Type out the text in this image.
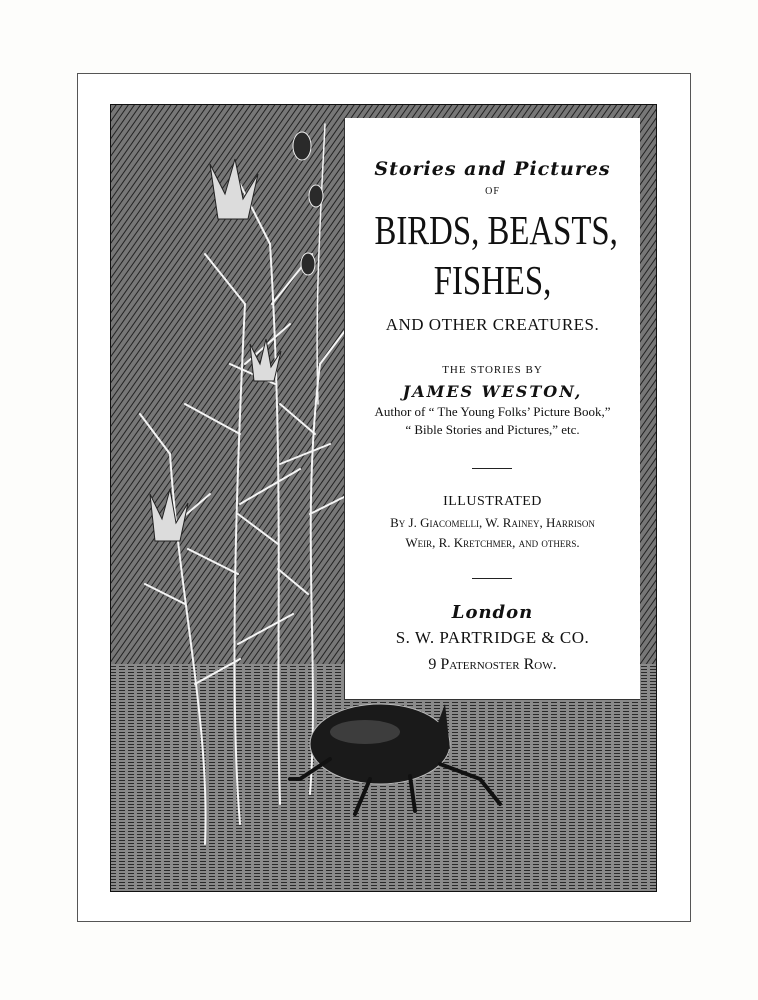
Stories and Pictures
OF
BIRDS, BEASTS,
FISHES,
AND OTHER CREATURES.
THE STORIES BY
JAMES WESTON,
Author of “ The Young Folks’ Picture Book,”
“ Bible Stories and Pictures,” etc.
ILLUSTRATED
By J. Giacomelli, W. Rainey, Harrison
Weir, R. Kretchmer, and others.
London
S. W. PARTRIDGE & CO.
9 Paternoster Row.
